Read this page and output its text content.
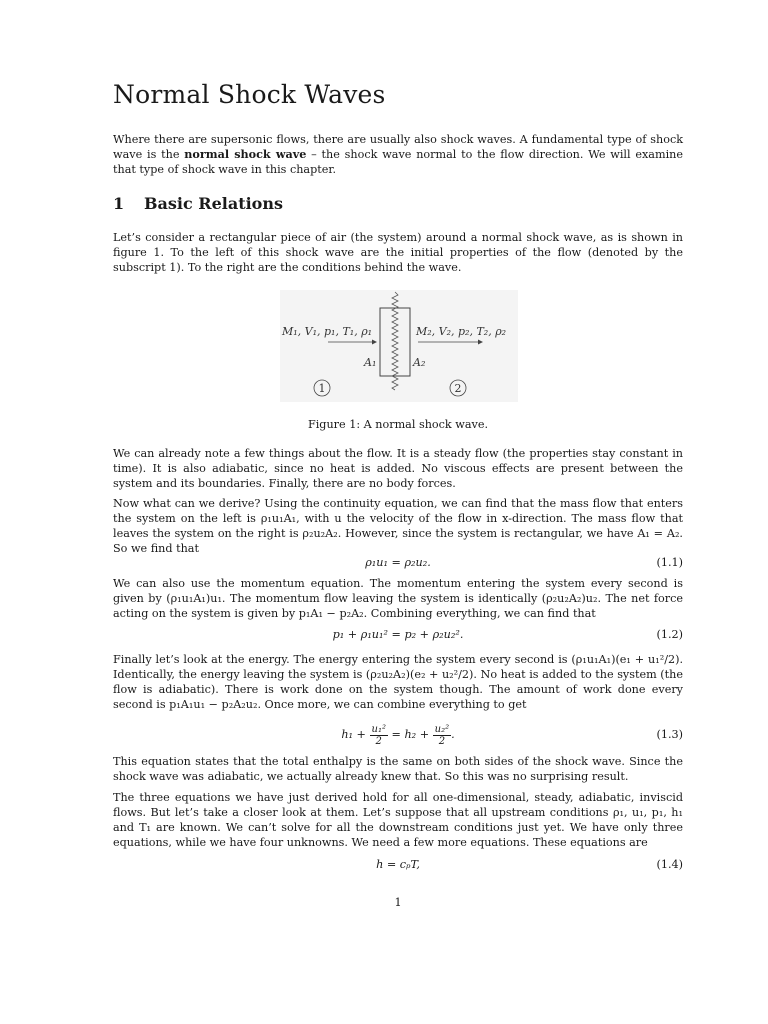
Normal Shock Waves

Where there are supersonic flows, there are usually also shock waves. A fundamental type of shock wave is the normal shock wave – the shock wave normal to the flow direction. We will examine that type of shock wave in this chapter.

1 Basic Relations

Let’s consider a rectangular piece of air (the system) around a normal shock wave, as is shown in figure 1. To the left of this shock wave are the initial properties of the flow (denoted by the subscript 1). To the right are the conditions behind the wave.

M₁, V₁, p₁, T₁, ρ₁	M₂, V₂, p₂, T₂, ρ₂
A₁	A₂
1	2
Figure 1: A normal shock wave.

We can already note a few things about the flow. It is a steady flow (the properties stay constant in time). It is also adiabatic, since no heat is added. No viscous effects are present between the system and its boundaries. Finally, there are no body forces.

Now what can we derive? Using the continuity equation, we can find that the mass flow that enters the system on the left is ρ₁u₁A₁, with u the velocity of the flow in x-direction. The mass flow that leaves the system on the right is ρ₂u₂A₂. However, since the system is rectangular, we have A₁ = A₂. So we find that

ρ₁u₁ = ρ₂u₂.	(1.1)

We can also use the momentum equation. The momentum entering the system every second is given by (ρ₁u₁A₁)u₁. The momentum flow leaving the system is identically (ρ₂u₂A₂)u₂. The net force acting on the system is given by p₁A₁ − p₂A₂. Combining everything, we can find that

p₁ + ρ₁u₁² = p₂ + ρ₂u₂².	(1.2)

Finally let’s look at the energy. The energy entering the system every second is (ρ₁u₁A₁)(e₁ + u₁²/2). Identically, the energy leaving the system is (ρ₂u₂A₂)(e₂ + u₂²/2). No heat is added to the system (the flow is adiabatic). There is work done on the system though. The amount of work done every second is p₁A₁u₁ − p₂A₂u₂. Once more, we can combine everything to get

$h_1 + \frac{\text{u₁²}}{2} = h_2 + \frac{\text{u₂²}}{2}$ .	(1.3)

This equation states that the total enthalpy is the same on both sides of the shock wave. Since the shock wave was adiabatic, we actually already knew that. So this was no surprising result.

The three equations we have just derived hold for all one-dimensional, steady, adiabatic, inviscid flows. But let’s take a closer look at them. Let’s suppose that all upstream conditions ρ₁, u₁, p₁, h₁ and T₁ are known. We can’t solve for all the downstream conditions just yet. We have only three equations, while we have four unknowns. We need a few more equations. These equations are

h = cₚT,	(1.4)
1
